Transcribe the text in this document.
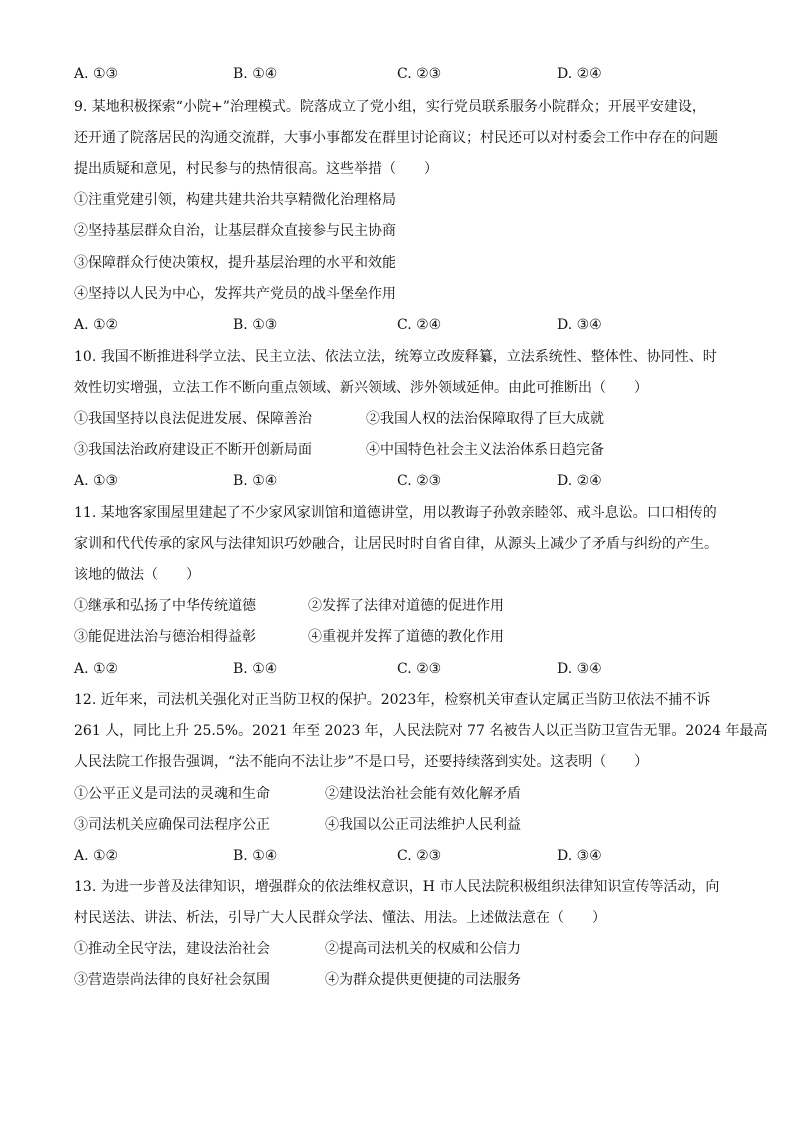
A. ①③	B. ①④	C. ②③	D. ②④
9. 某地积极探索“小院+”治理模式。院落成立了党小组，实行党员联系服务小院群众；开展平安建设，
还开通了院落居民的沟通交流群，大事小事都发在群里讨论商议；村民还可以对村委会工作中存在的问题
提出质疑和意见，村民参与的热情很高。这些举措（　　）
①注重党建引领，构建共建共治共享精微化治理格局
②坚持基层群众自治，让基层群众直接参与民主协商
③保障群众行使决策权，提升基层治理的水平和效能
④坚持以人民为中心，发挥共产党员的战斗堡垒作用
A. ①②	B. ①③	C. ②④	D. ③④
10. 我国不断推进科学立法、民主立法、依法立法，统筹立改废释纂，立法系统性、整体性、协同性、时
效性切实增强，立法工作不断向重点领域、新兴领域、涉外领域延伸。由此可推断出（　　）
①我国坚持以良法促进发展、保障善治	②我国人权的法治保障取得了巨大成就
③我国法治政府建设正不断开创新局面	④中国特色社会主义法治体系日趋完备
A. ①③	B. ①④	C. ②③	D. ②④
11. 某地客家围屋里建起了不少家风家训馆和道德讲堂，用以教诲子孙敦亲睦邻、戒斗息讼。口口相传的
家训和代代传承的家风与法律知识巧妙融合，让居民时时自省自律，从源头上减少了矛盾与纠纷的产生。
该地的做法（　　）
①继承和弘扬了中华传统道德	②发挥了法律对道德的促进作用
③能促进法治与德治相得益彰	④重视并发挥了道德的教化作用
A. ①②	B. ①④	C. ②③	D. ③④
12. 近年来，司法机关强化对正当防卫权的保护。2023年，检察机关审查认定属正当防卫依法不捕不诉
261 人，同比上升 25.5%。2021 年至 2023 年，人民法院对 77 名被告人以正当防卫宣告无罪。2024 年最高
人民法院工作报告强调，“法不能向不法让步”不是口号，还要持续落到实处。这表明（　　）
①公平正义是司法的灵魂和生命	②建设法治社会能有效化解矛盾
③司法机关应确保司法程序公正	④我国以公正司法维护人民利益
A. ①②	B. ①④	C. ②③	D. ③④
13. 为进一步普及法律知识，增强群众的依法维权意识，H 市人民法院积极组织法律知识宣传等活动，向
村民送法、讲法、析法，引导广大人民群众学法、懂法、用法。上述做法意在（　　）
①推动全民守法，建设法治社会	②提高司法机关的权威和公信力
③营造崇尚法律的良好社会氛围	④为群众提供更便捷的司法服务
